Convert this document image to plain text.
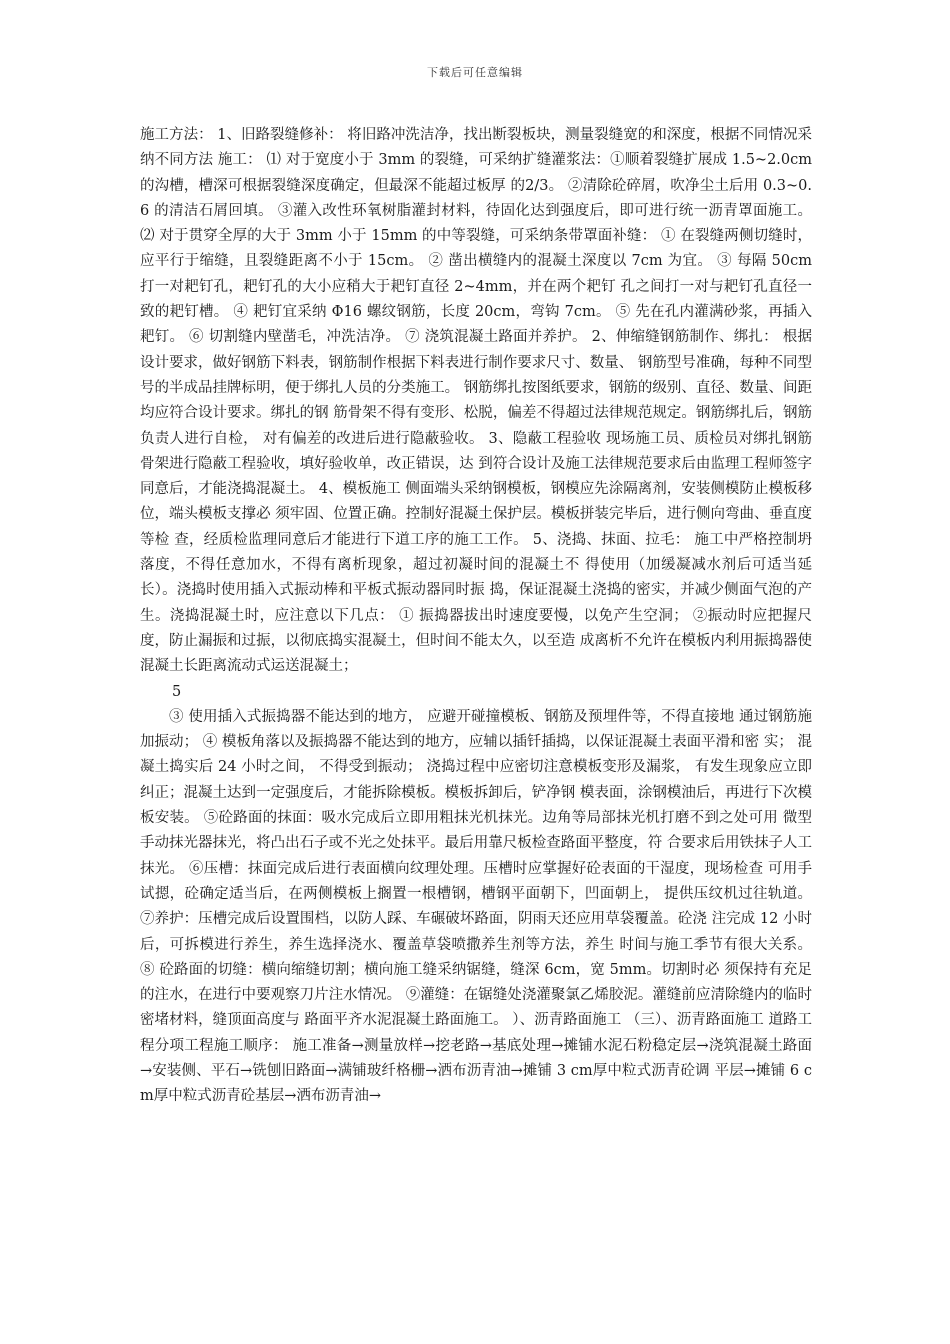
下载后可任意编辑

施工方法： 1、旧路裂缝修补： 将旧路冲洗洁净，找出断裂板块，测量裂缝宽的和深度，根据不同情况采纳不同方法 施工： ⑴ 对于宽度小于 3mm 的裂缝，可采纳扩缝灌浆法：①顺着裂缝扩展成 1.5~2.0cm 的沟槽，槽深可根据裂缝深度确定，但最深不能超过板厚 的2/3。 ②清除砼碎屑，吹净尘土后用 0.3~0.6 的清洁石屑回填。 ③灌入改性环氧树脂灌封材料，待固化达到强度后，即可进行统一沥青罩面施工。 ⑵ 对于贯穿全厚的大于 3mm 小于 15mm 的中等裂缝，可采纳条带罩面补缝： ① 在裂缝两侧切缝时，应平行于缩缝，且裂缝距离不小于 15cm。 ② 凿出横缝内的混凝土深度以 7cm 为宜。 ③ 每隔 50cm 打一对耙钉孔，耙钉孔的大小应稍大于耙钉直径 2~4mm，并在两个耙钉 孔之间打一对与耙钉孔直径一致的耙钉槽。 ④ 耙钉宜采纳 Φ16 螺纹钢筋，长度 20cm，弯钩 7cm。 ⑤ 先在孔内灌满砂浆，再插入耙钉。 ⑥ 切割缝内壁凿毛，冲洗洁净。 ⑦ 浇筑混凝土路面并养护。 2、伸缩缝钢筋制作、绑扎： 根据设计要求，做好钢筋下料表，钢筋制作根据下料表进行制作要求尺寸、数量、 钢筋型号准确，每种不同型号的半成品挂牌标明，便于绑扎人员的分类施工。 钢筋绑扎按图纸要求，钢筋的级别、直径、数量、间距均应符合设计要求。绑扎的钢 筋骨架不得有变形、松脱，偏差不得超过法律规范规定。钢筋绑扎后，钢筋负责人进行自检， 对有偏差的改进后进行隐蔽验收。 3、隐蔽工程验收 现场施工员、质检员对绑扎钢筋骨架进行隐蔽工程验收，填好验收单，改正错误，达 到符合设计及施工法律规范要求后由监理工程师签字同意后，才能浇捣混凝土。 4、模板施工 侧面端头采纳钢模板，钢模应先涂隔离剂，安装侧模防止模板移位，端头模板支撑必 须牢固、位置正确。控制好混凝土保护层。模板拼装完毕后，进行侧向弯曲、垂直度等检 查，经质检监理同意后才能进行下道工序的施工工作。 5、浇捣、抹面、拉毛： 施工中严格控制坍落度，不得任意加水，不得有离析现象，超过初凝时间的混凝土不 得使用（加缓凝减水剂后可适当延长）。浇捣时使用插入式振动棒和平板式振动器同时振 捣，保证混凝土浇捣的密实，并减少侧面气泡的产生。浇捣混凝土时，应注意以下几点： ① 振捣器拔出时速度要慢，以免产生空洞； ②振动时应把握尺度，防止漏振和过振，以彻底捣实混凝土，但时间不能太久，以至造 成离析不允许在模板内利用振捣器使混凝土长距离流动式运送混凝土；

5

③ 使用插入式振捣器不能达到的地方， 应避开碰撞模板、钢筋及预埋件等，不得直接地 通过钢筋施加振动； ④ 模板角落以及振捣器不能达到的地方，应辅以插钎插捣，以保证混凝土表面平滑和密 实； 混凝土捣实后 24 小时之间， 不得受到振动； 浇捣过程中应密切注意模板变形及漏浆， 有发生现象应立即纠正；混凝土达到一定强度后，才能拆除模板。模板拆卸后，铲净钢 模表面，涂钢模油后，再进行下次模板安装。 ⑤砼路面的抹面：吸水完成后立即用粗抹光机抹光。边角等局部抹光机打磨不到之处可用 微型手动抹光器抹光，将凸出石子或不光之处抹平。最后用靠尺板检查路面平整度，符 合要求后用铁抹子人工抹光。 ⑥压槽：抹面完成后进行表面横向纹理处理。压槽时应掌握好砼表面的干湿度，现场检查 可用手试摁，砼确定适当后，在两侧模板上搁置一根槽钢，槽钢平面朝下，凹面朝上， 提供压纹机过往轨道。 ⑦养护：压槽完成后设置围档，以防人踩、车碾破坏路面，阴雨天还应用草袋覆盖。砼浇 注完成 12 小时后，可拆模进行养生，养生选择浇水、覆盖草袋喷撒养生剂等方法，养生 时间与施工季节有很大关系。 ⑧ 砼路面的切缝：横向缩缝切割；横向施工缝采纳锯缝，缝深 6cm，宽 5mm。切割时必 须保持有充足的注水，在进行中要观察刀片注水情况。 ⑨灌缝：在锯缝处浇灌聚氯乙烯胶泥。灌缝前应清除缝内的临时密堵材料，缝顶面高度与 路面平齐水泥混凝土路面施工。 ）、沥青路面施工 （三）、沥青路面施工 道路工程分项工程施工顺序： 施工准备→测量放样→挖老路→基底处理→摊铺水泥石粉稳定层→浇筑混凝土路面 →安装侧、平石→铣刨旧路面→满铺玻纤格栅→洒布沥青油→摊铺 3 cm厚中粒式沥青砼调 平层→摊铺 6 cm厚中粒式沥青砼基层→洒布沥青油→
